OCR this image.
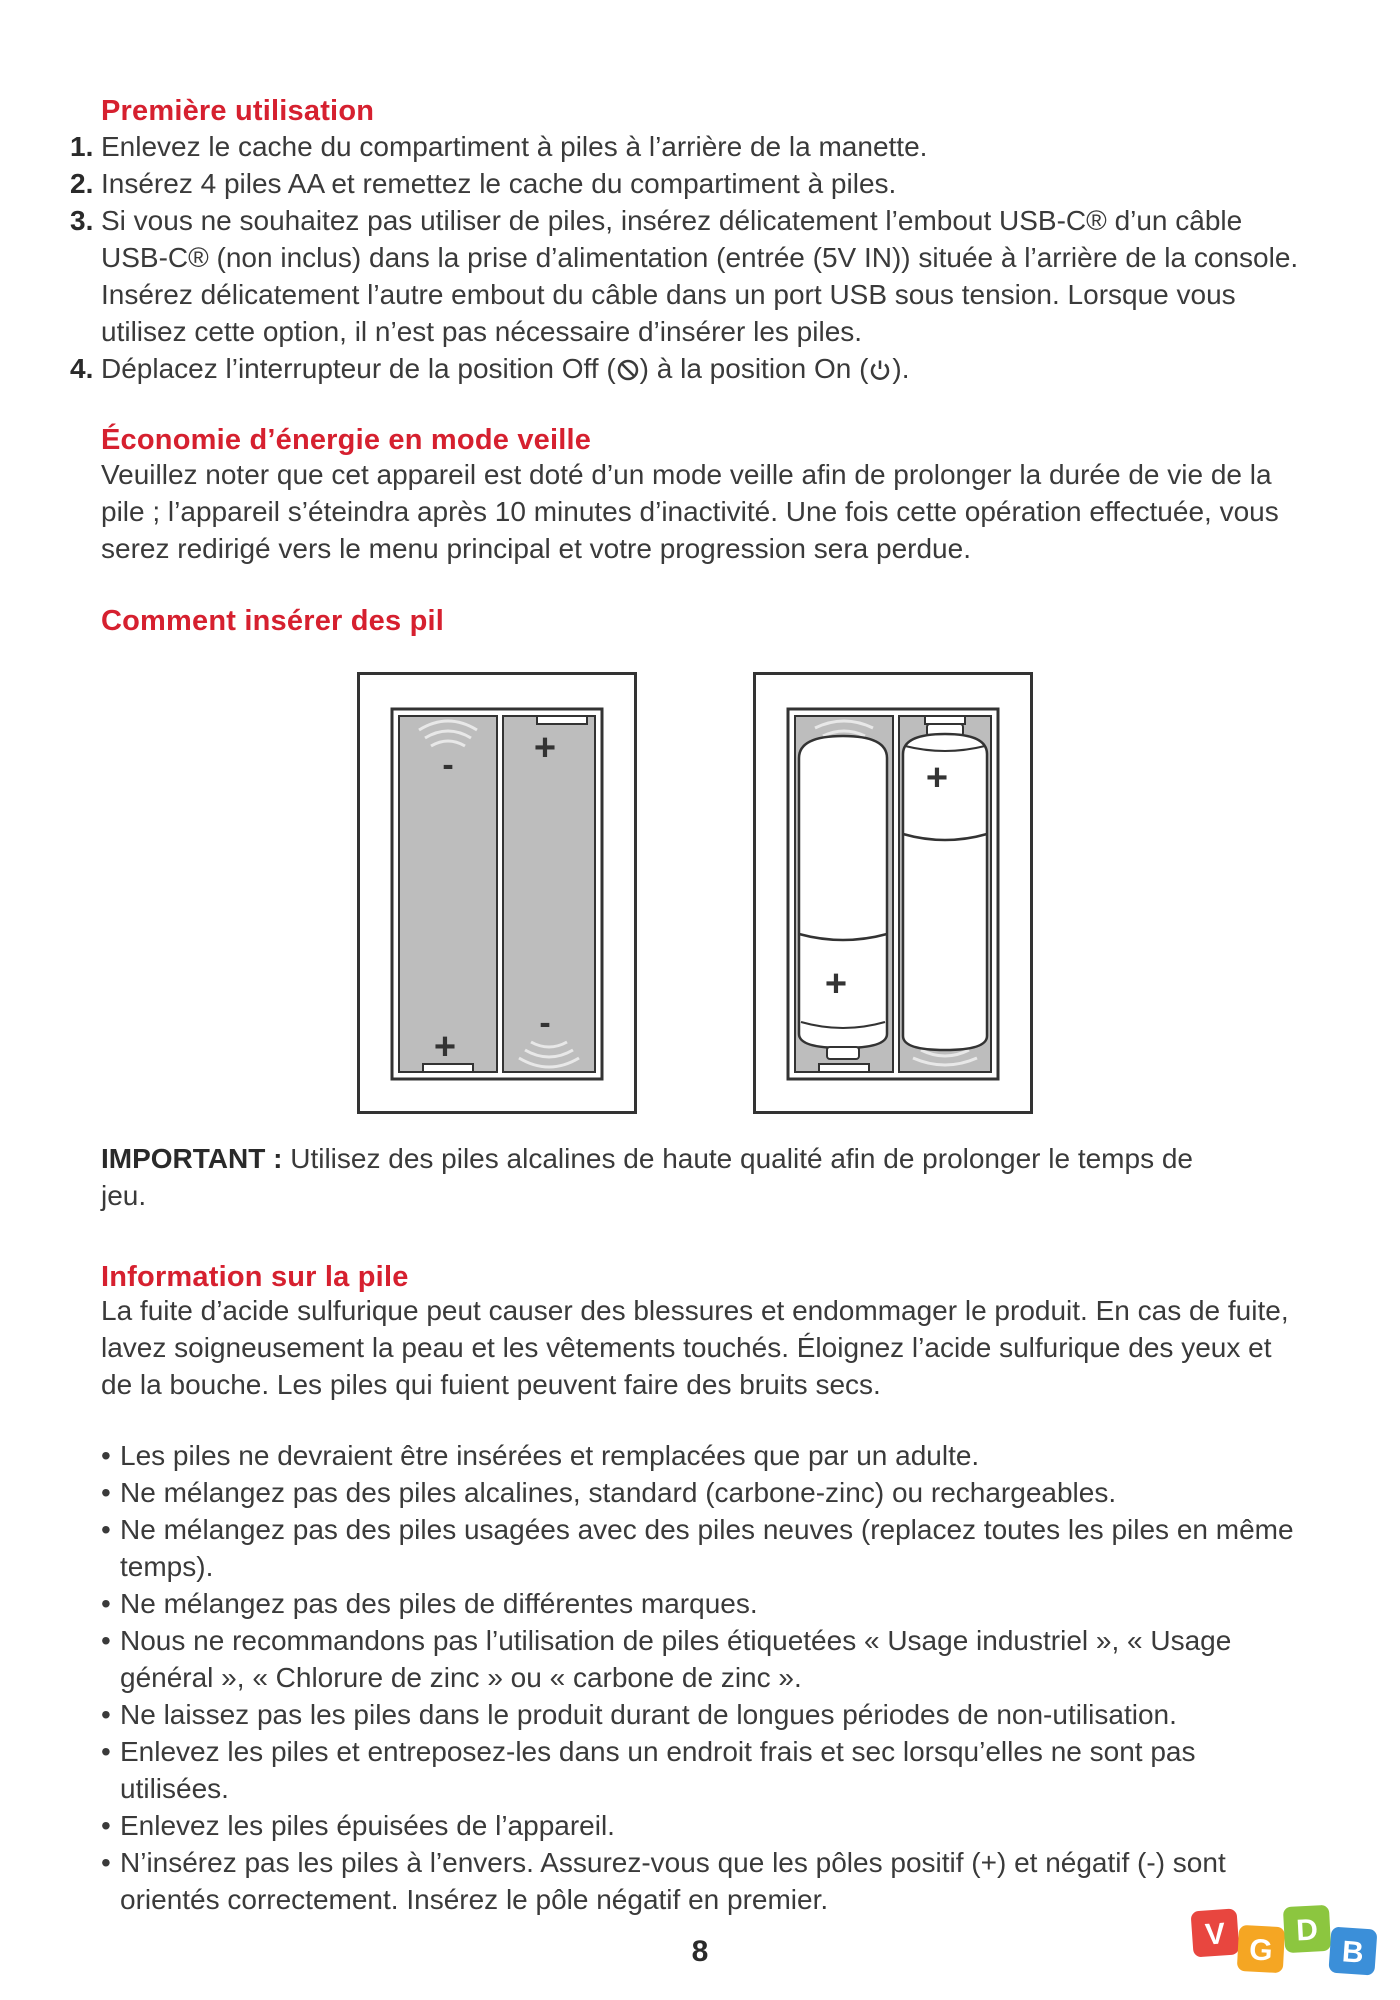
Première utilisation
1. Enlevez le cache du compartiment à piles à l’arrière de la manette.
2. Insérez 4 piles AA et remettez le cache du compartiment à piles.
3. Si vous ne souhaitez pas utiliser de piles, insérez délicatement l’embout USB-C® d’un câble USB-C® (non inclus) dans la prise d’alimentation (entrée (5V IN)) située à l’arrière de la console. Insérez délicatement l’autre embout du câble dans un port USB sous tension. Lorsque vous utilisez cette option, il n’est pas nécessaire d’insérer les piles.
4. Déplacez l’interrupteur de la position Off ( ) à la position On ( ).
Économie d’énergie en mode veille

Veuillez noter que cet appareil est doté d’un mode veille afin de prolonger la durée de vie de la pile ; l’appareil s’éteindra après 10 minutes d’inactivité. Une fois cette opération effectuée, vous serez redirigé vers le menu principal et votre progression sera perdue.

Comment insérer des pil
- +
+
-
+
+

IMPORTANT : Utilisez des piles alcalines de haute qualité afin de prolonger le temps de jeu.

Information sur la pile

La fuite d’acide sulfurique peut causer des blessures et endommager le produit. En cas de fuite, lavez soigneusement la peau et les vêtements touchés. Éloignez l’acide sulfurique des yeux et de la bouche. Les piles qui fuient peuvent faire des bruits secs.

• Les piles ne devraient être insérées et remplacées que par un adulte.
• Ne mélangez pas des piles alcalines, standard (carbone-zinc) ou rechargeables.
• Ne mélangez pas des piles usagées avec des piles neuves (replacez toutes les piles en même temps).
• Ne mélangez pas des piles de différentes marques.
• Nous ne recommandons pas l’utilisation de piles étiquetées « Usage industriel », « Usage général », « Chlorure de zinc » ou « carbone de zinc ».
• Ne laissez pas les piles dans le produit durant de longues périodes de non-utilisation.
• Enlevez les piles et entreposez-les dans un endroit frais et sec lorsqu’elles ne sont pas utilisées.
• Enlevez les piles épuisées de l’appareil.
• N’insérez pas les piles à l’envers. Assurez-vous que les pôles positif (+) et négatif (-) sont orientés correctement. Insérez le pôle négatif en premier.
8	V G
D
B
